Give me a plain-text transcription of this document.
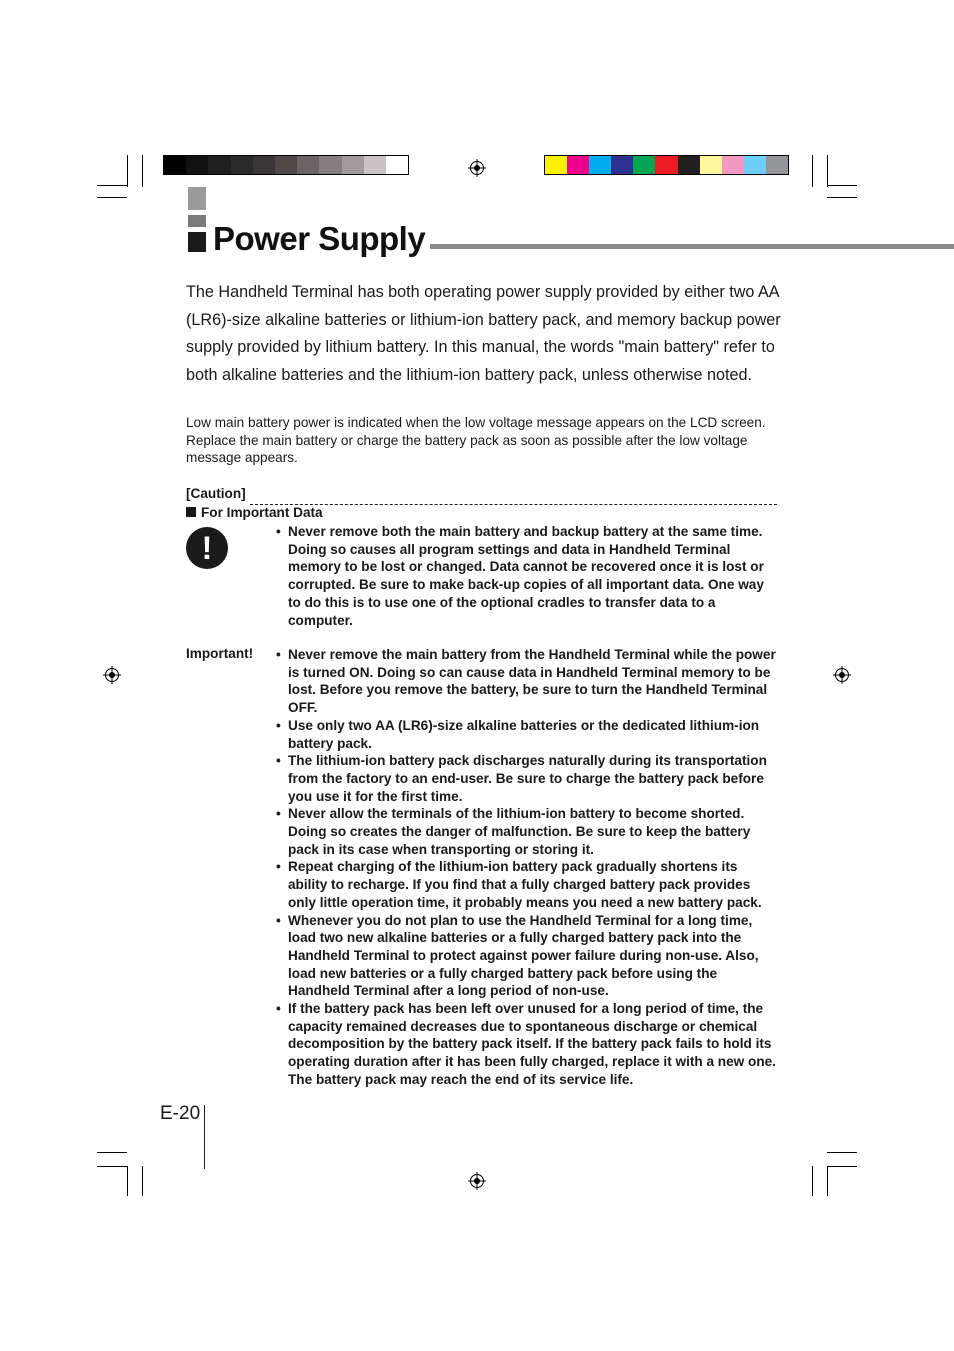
Power Supply

The Handheld Terminal has both operating power supply provided by either two AA (LR6)-size alkaline batteries or lithium-ion battery pack, and memory backup power supply provided by lithium battery. In this manual, the words "main battery" refer to both alkaline batteries and the lithium-ion battery pack, unless otherwise noted.

Low main battery power is indicated when the low voltage message appears on the LCD screen. Replace the main battery or charge the battery pack as soon as possible after the low voltage message appears.

[Caution]
For Important Data
!	• Never remove both the main battery and backup battery at the same time. Doing so causes all program settings and data in Handheld Terminal memory to be lost or changed. Data cannot be recovered once it is lost or corrupted. Be sure to make back-up copies of all important data. One way to do this is to use one of the optional cradles to transfer data to a computer.
Important!	• Never remove the main battery from the Handheld Terminal while the power is turned ON. Doing so can cause data in Handheld Terminal memory to be lost. Before you remove the battery, be sure to turn the Handheld Terminal OFF.
• Use only two AA (LR6)-size alkaline batteries or the dedicated lithium-ion battery pack.
• The lithium-ion battery pack discharges naturally during its transportation from the factory to an end-user. Be sure to charge the battery pack before you use it for the first time.
• Never allow the terminals of the lithium-ion battery to become shorted. Doing so creates the danger of malfunction. Be sure to keep the battery pack in its case when transporting or storing it.
• Repeat charging of the lithium-ion battery pack gradually shortens its ability to recharge. If you find that a fully charged battery pack provides only little operation time, it probably means you need a new battery pack.
• Whenever you do not plan to use the Handheld Terminal for a long time, load two new alkaline batteries or a fully charged battery pack into the Handheld Terminal to protect against power failure during non-use. Also, load new batteries or a fully charged battery pack before using the Handheld Terminal after a long period of non-use.
• If the battery pack has been left over unused for a long period of time, the capacity remained decreases due to spontaneous discharge or chemical decomposition by the battery pack itself. If the battery pack fails to hold its operating duration after it has been fully charged, replace it with a new one. The battery pack may reach the end of its service life.
E-20
